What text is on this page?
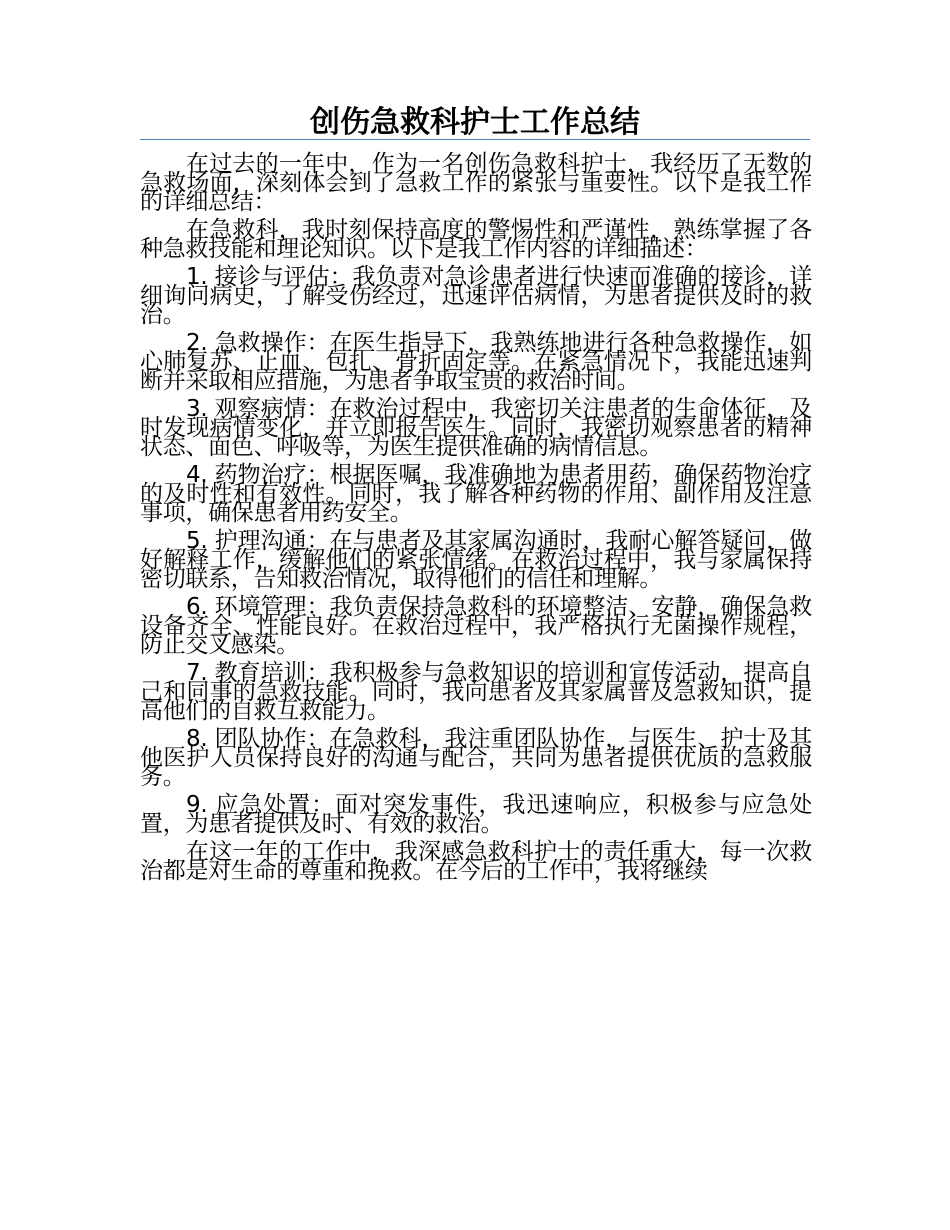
创伤急救科护士工作总结

在过去的一年中，作为一名创伤急救科护士，我经历了无数的急救场面，深刻体会到了急救工作的紧张与重要性。以下是我工作的详细总结：

在急救科，我时刻保持高度的警惕性和严谨性，熟练掌握了各种急救技能和理论知识。以下是我工作内容的详细描述：

1. 接诊与评估：我负责对急诊患者进行快速而准确的接诊，详细询问病史，了解受伤经过，迅速评估病情，为患者提供及时的救治。

2. 急救操作：在医生指导下，我熟练地进行各种急救操作，如心肺复苏、止血、包扎、骨折固定等。在紧急情况下，我能迅速判断并采取相应措施，为患者争取宝贵的救治时间。

3. 观察病情：在救治过程中，我密切关注患者的生命体征，及时发现病情变化，并立即报告医生。同时，我密切观察患者的精神状态、面色、呼吸等，为医生提供准确的病情信息。

4. 药物治疗：根据医嘱，我准确地为患者用药，确保药物治疗的及时性和有效性。同时，我了解各种药物的作用、副作用及注意事项，确保患者用药安全。

5. 护理沟通：在与患者及其家属沟通时，我耐心解答疑问，做好解释工作，缓解他们的紧张情绪。在救治过程中，我与家属保持密切联系，告知救治情况，取得他们的信任和理解。

6. 环境管理：我负责保持急救科的环境整洁、安静，确保急救设备齐全、性能良好。在救治过程中，我严格执行无菌操作规程，防止交叉感染。

7. 教育培训：我积极参与急救知识的培训和宣传活动，提高自己和同事的急救技能。同时，我向患者及其家属普及急救知识，提高他们的自救互救能力。

8. 团队协作：在急救科，我注重团队协作，与医生、护士及其他医护人员保持良好的沟通与配合，共同为患者提供优质的急救服务。

9. 应急处置：面对突发事件，我迅速响应，积极参与应急处置，为患者提供及时、有效的救治。

在这一年的工作中，我深感急救科护士的责任重大，每一次救治都是对生命的尊重和挽救。在今后的工作中，我将继续
